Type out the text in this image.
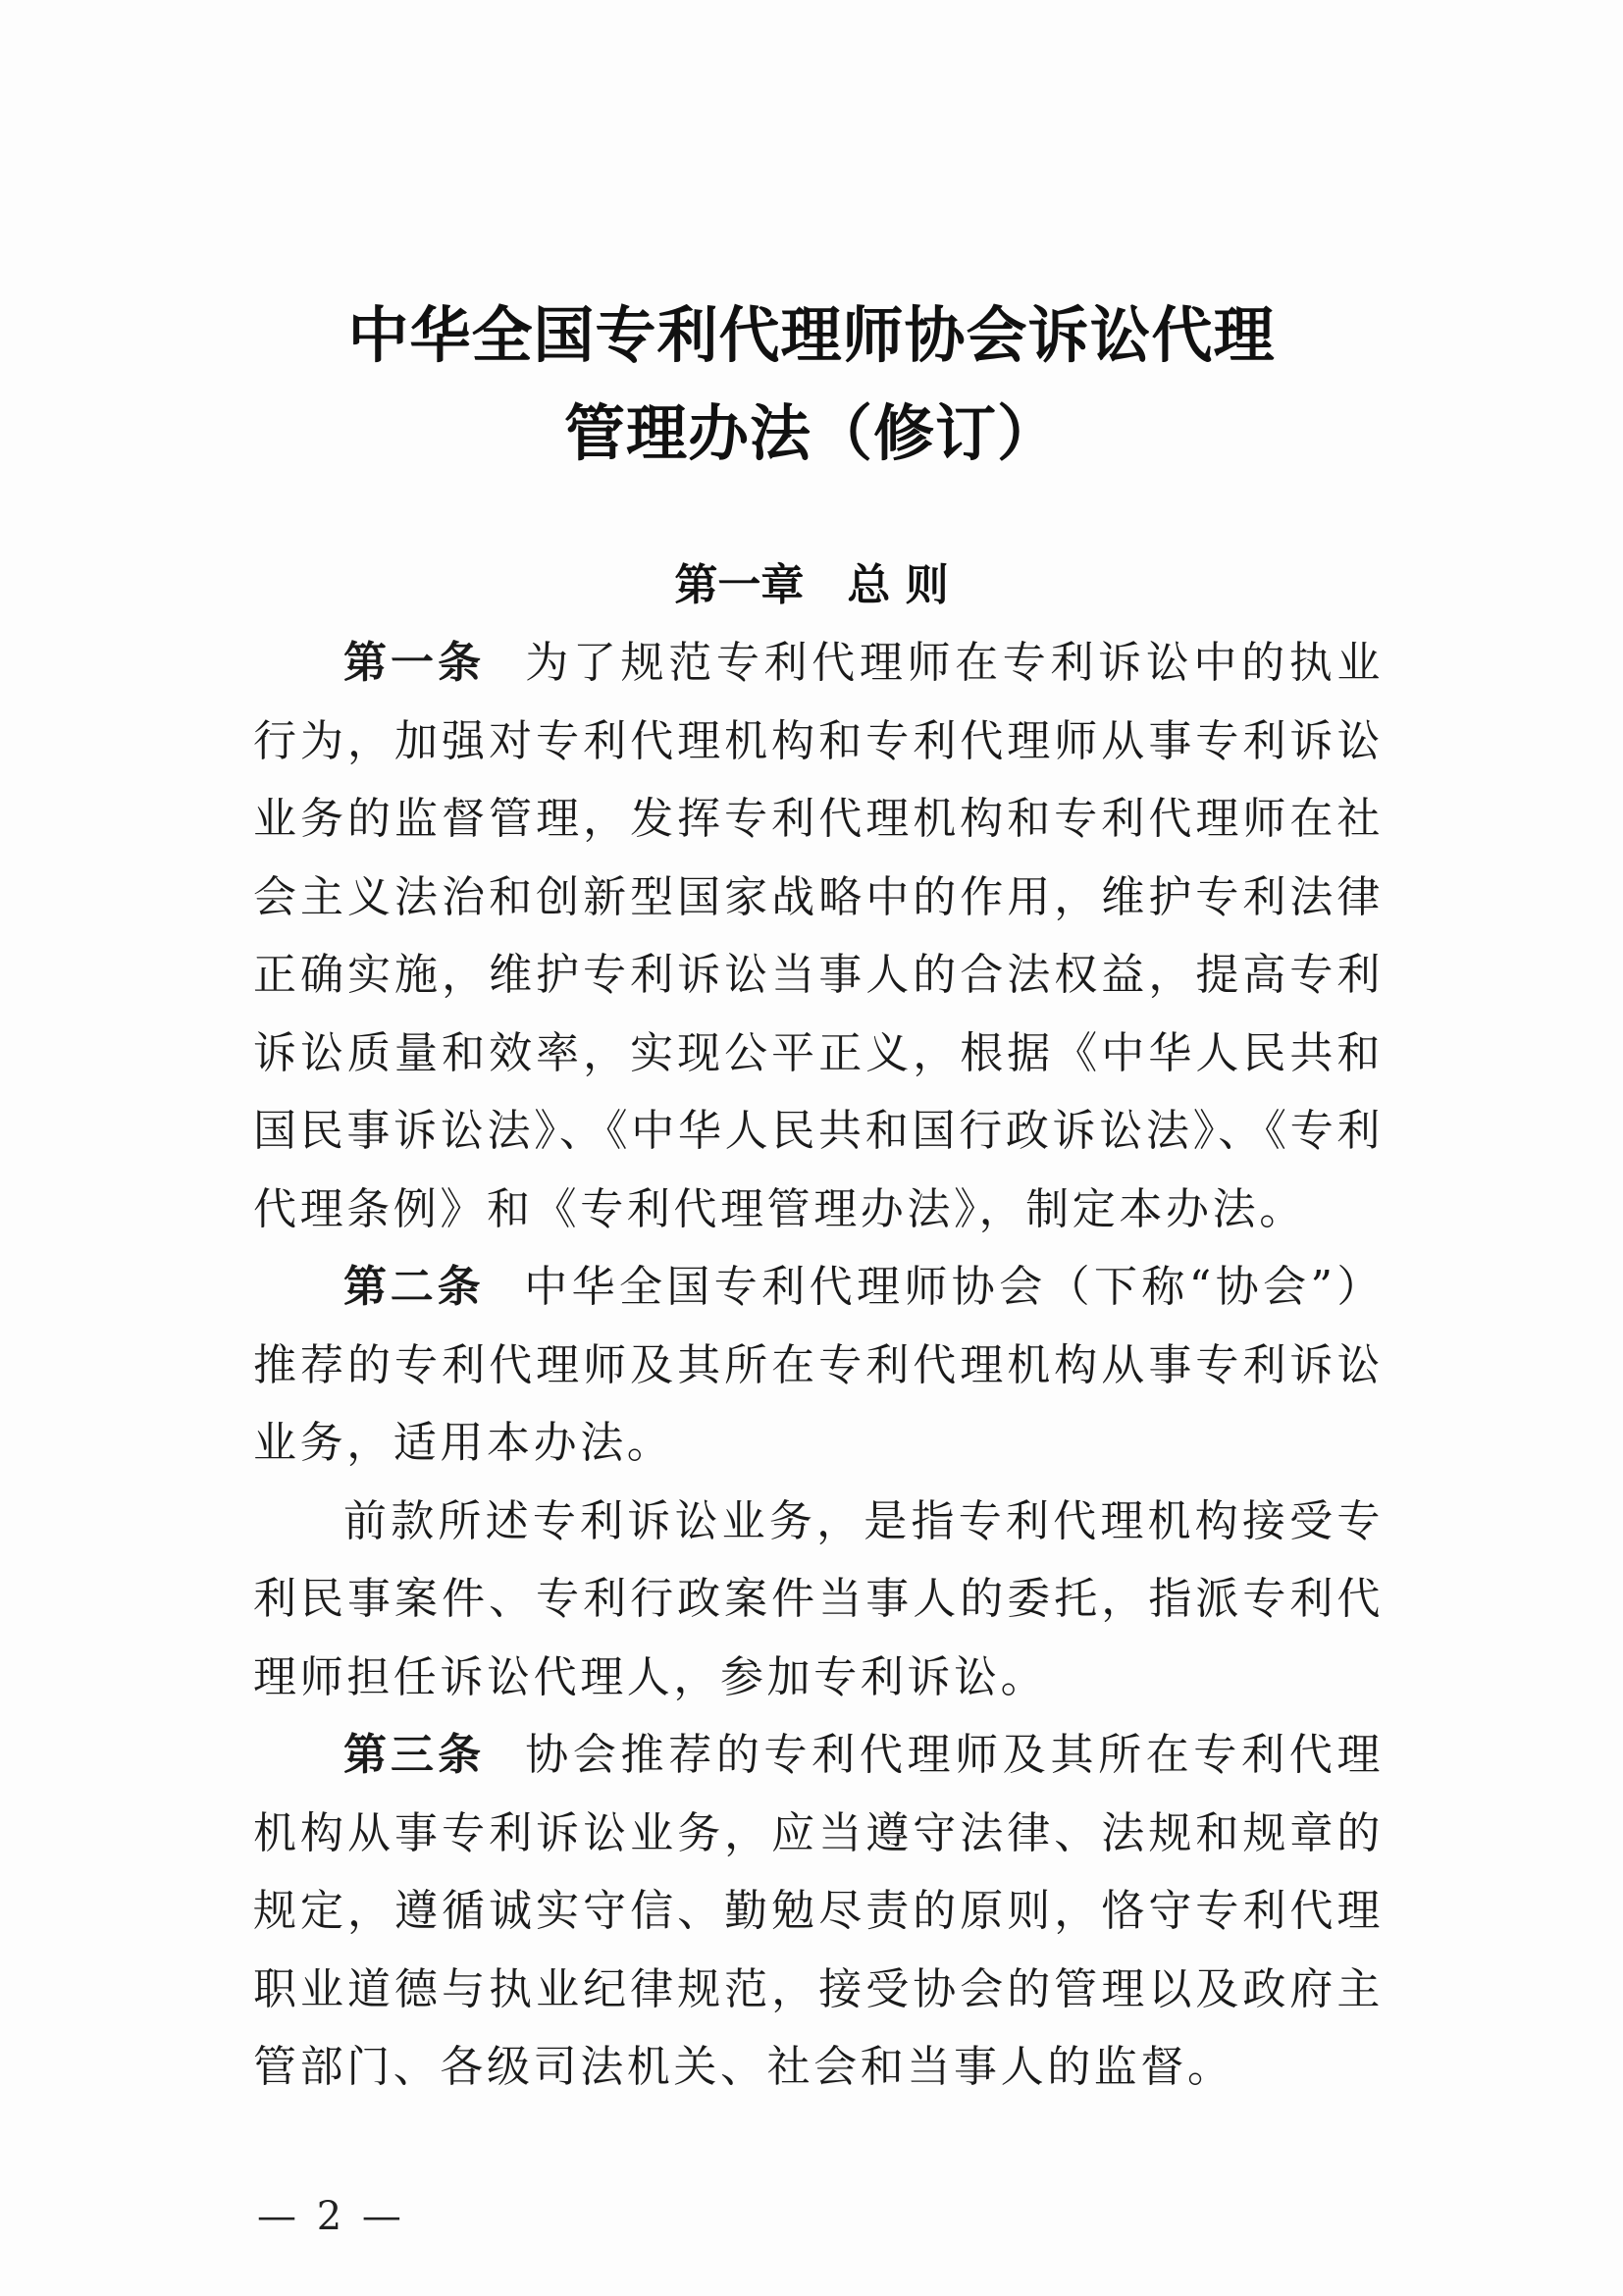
中华全国专利代理师协会诉讼代理
管理办法（修订）
第一章 总 则

第一条 为了规范专利代理师在专利诉讼中的执业行为，加强对专利代理机构和专利代理师从事专利诉讼业务的监督管理，发挥专利代理机构和专利代理师在社会主义法治和创新型国家战略中的作用，维护专利法律正确实施，维护专利诉讼当事人的合法权益，提高专利诉讼质量和效率，实现公平正义，根据《中华人民共和国民事诉讼法》、《中华人民共和国行政诉讼法》、《专利代理条例》和《专利代理管理办法》，制定本办法。

第二条 中华全国专利代理师协会（下称“协会”）推荐的专利代理师及其所在专利代理机构从事专利诉讼业务，适用本办法。

前款所述专利诉讼业务，是指专利代理机构接受专利民事案件、专利行政案件当事人的委托，指派专利代理师担任诉讼代理人，参加专利诉讼。

第三条 协会推荐的专利代理师及其所在专利代理机构从事专利诉讼业务，应当遵守法律、法规和规章的规定，遵循诚实守信、勤勉尽责的原则，恪守专利代理职业道德与执业纪律规范，接受协会的管理以及政府主管部门、各级司法机关、社会和当事人的监督。

— 2 —
